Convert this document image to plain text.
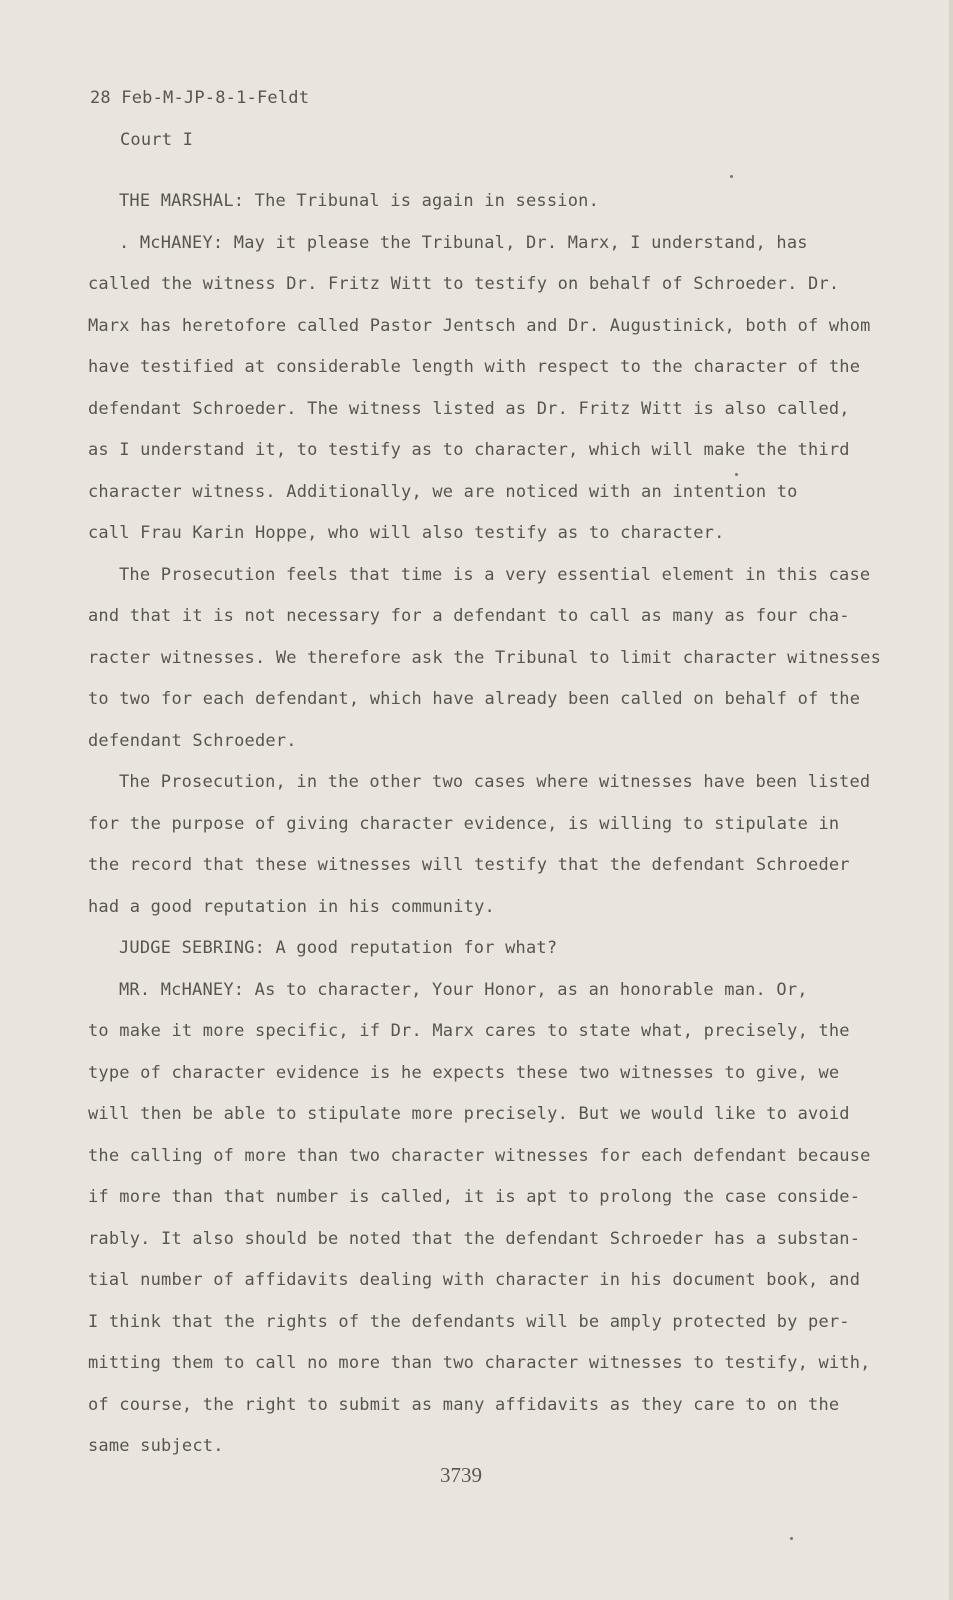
28 Feb-M-JP-8-1-Feldt
Court I
THE MARSHAL: The Tribunal is again in session.
. McHANEY: May it please the Tribunal, Dr. Marx, I understand, has
called the witness Dr. Fritz Witt to testify on behalf of Schroeder. Dr.
Marx has heretofore called Pastor Jentsch and Dr. Augustinick, both of whom
have testified at considerable length with respect to the character of the
defendant Schroeder. The witness listed as Dr. Fritz Witt is also called,
as I understand it, to testify as to character, which will make the third
character witness. Additionally, we are noticed with an intention to
call Frau Karin Hoppe, who will also testify as to character.
The Prosecution feels that time is a very essential element in this case
and that it is not necessary for a defendant to call as many as four cha-
racter witnesses. We therefore ask the Tribunal to limit character witnesses
to two for each defendant, which have already been called on behalf of the
defendant Schroeder.
The Prosecution, in the other two cases where witnesses have been listed
for the purpose of giving character evidence, is willing to stipulate in
the record that these witnesses will testify that the defendant Schroeder
had a good reputation in his community.
JUDGE SEBRING: A good reputation for what?
MR. McHANEY: As to character, Your Honor, as an honorable man. Or,
to make it more specific, if Dr. Marx cares to state what, precisely, the
type of character evidence is he expects these two witnesses to give, we
will then be able to stipulate more precisely. But we would like to avoid
the calling of more than two character witnesses for each defendant because
if more than that number is called, it is apt to prolong the case conside-
rably. It also should be noted that the defendant Schroeder has a substan-
tial number of affidavits dealing with character in his document book, and
I think that the rights of the defendants will be amply protected by per-
mitting them to call no more than two character witnesses to testify, with,
of course, the right to submit as many affidavits as they care to on the
same subject.
3739
